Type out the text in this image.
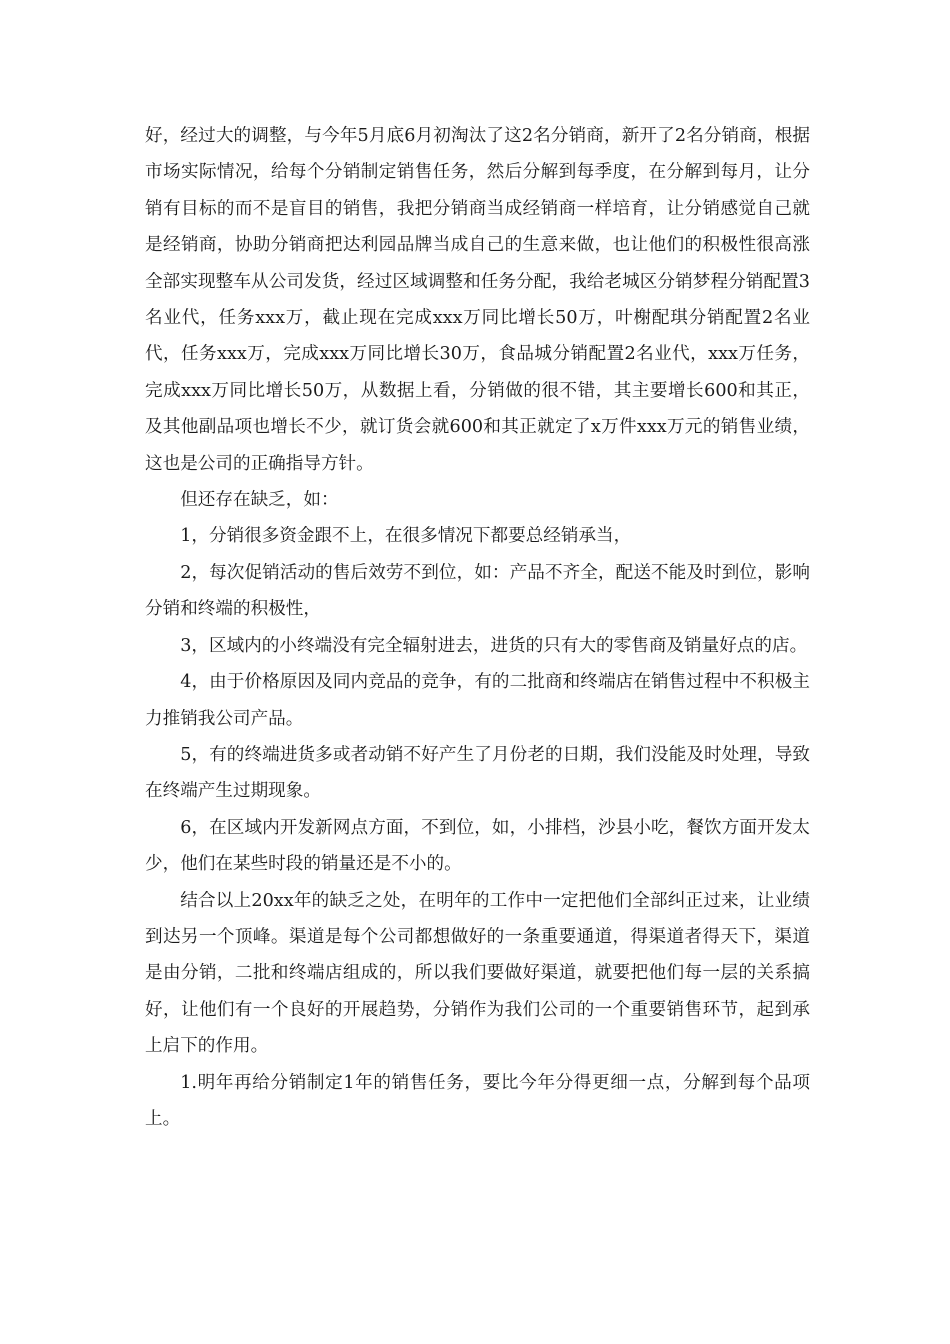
好，经过大的调整，与今年5月底6月初淘汰了这2名分销商，新开了2名分销商，根据市场实际情况，给每个分销制定销售任务，然后分解到每季度，在分解到每月，让分销有目标的而不是盲目的销售，我把分销商当成经销商一样培育，让分销感觉自己就是经销商，协助分销商把达利园品牌当成自己的生意来做，也让他们的积极性很高涨全部实现整车从公司发货，经过区域调整和任务分配，我给老城区分销梦程分销配置3名业代，任务xxx万，截止现在完成xxx万同比增长50万，叶榭配琪分销配置2名业代，任务xxx万，完成xxx万同比增长30万，食品城分销配置2名业代，xxx万任务，完成xxx万同比增长50万，从数据上看，分销做的很不错，其主要增长600和其正，及其他副品项也增长不少，就订货会就600和其正就定了x万件xxx万元的销售业绩，这也是公司的正确指导方针。

但还存在缺乏，如：

1，分销很多资金跟不上，在很多情况下都要总经销承当，

2，每次促销活动的售后效劳不到位，如：产品不齐全，配送不能及时到位，影响分销和终端的积极性，

3，区域内的小终端没有完全辐射进去，进货的只有大的零售商及销量好点的店。

4，由于价格原因及同内竞品的竞争，有的二批商和终端店在销售过程中不积极主力推销我公司产品。

5，有的终端进货多或者动销不好产生了月份老的日期，我们没能及时处理，导致在终端产生过期现象。

6，在区域内开发新网点方面，不到位，如，小排档，沙县小吃，餐饮方面开发太少，他们在某些时段的销量还是不小的。

结合以上20xx年的缺乏之处，在明年的工作中一定把他们全部纠正过来，让业绩到达另一个顶峰。渠道是每个公司都想做好的一条重要通道，得渠道者得天下，渠道是由分销，二批和终端店组成的，所以我们要做好渠道，就要把他们每一层的关系搞好，让他们有一个良好的开展趋势，分销作为我们公司的一个重要销售环节，起到承上启下的作用。

1.明年再给分销制定1年的销售任务，要比今年分得更细一点，分解到每个品项上。
